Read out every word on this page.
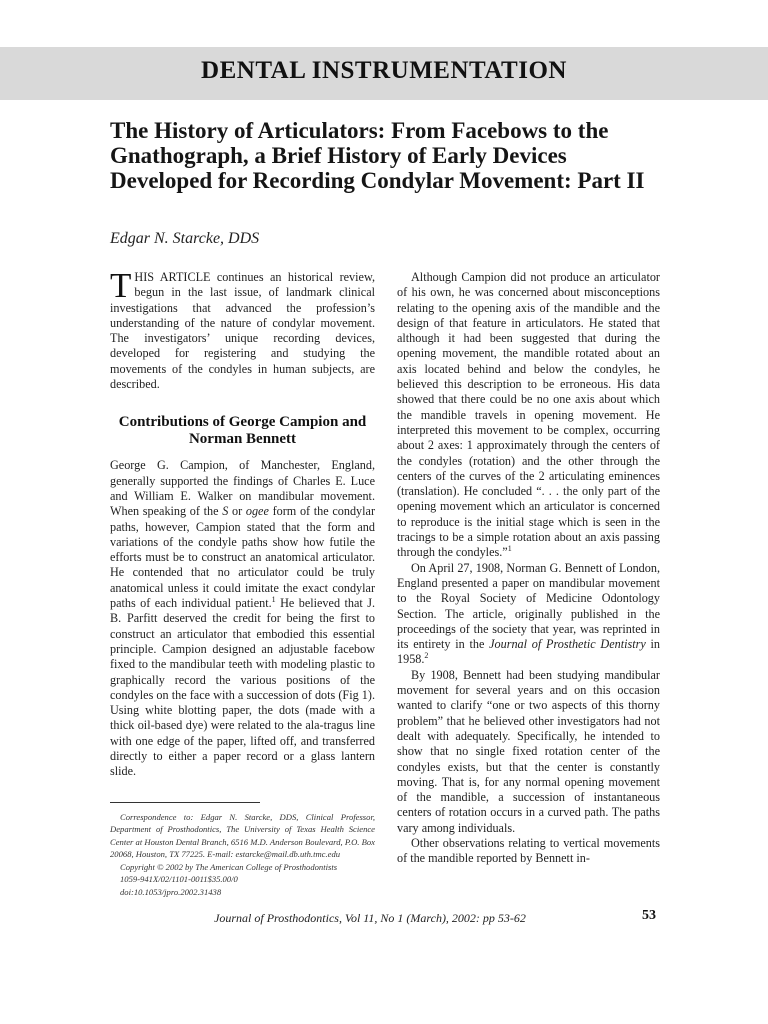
DENTAL INSTRUMENTATION
The History of Articulators: From Facebows to the Gnathograph, a Brief History of Early Devices Developed for Recording Condylar Movement: Part II

Edgar N. Starcke, DDS

THIS ARTICLE continues an historical review, begun in the last issue, of landmark clinical investigations that advanced the profession’s understanding of the nature of condylar movement. The investigators’ unique recording devices, developed for registering and studying the movements of the condyles in human subjects, are described.

Contributions of George Campion and Norman Bennett

George G. Campion, of Manchester, England, generally supported the findings of Charles E. Luce and William E. Walker on mandibular movement. When speaking of the S or ogee form of the condylar paths, however, Campion stated that the form and variations of the condyle paths show how futile the efforts must be to construct an anatomical articulator. He contended that no articulator could be truly anatomical unless it could imitate the exact condylar paths of each individual patient.$^1$ He believed that J. B. Parfitt deserved the credit for being the first to construct an articulator that embodied this essential principle. Campion designed an adjustable facebow fixed to the mandibular teeth with modeling plastic to graphically record the various positions of the condyles on the face with a succession of dots (Fig 1). Using white blotting paper, the dots (made with a thick oil-based dye) were related to the ala-tragus line with one edge of the paper, lifted off, and transferred directly to either a paper record or a glass lantern slide.

Correspondence to: Edgar N. Starcke, DDS, Clinical Professor, Department of Prosthodontics, The University of Texas Health Science Center at Houston Dental Branch, 6516 M.D. Anderson Boulevard, P.O. Box 20068, Houston, TX 77225. E-mail: estarcke@mail.db.uth.tmc.edu

Copyright © 2002 by The American College of Prosthodontists

1059-941X/02/1101-0011$35.00/0

doi:10.1053/jpro.2002.31438

Although Campion did not produce an articulator of his own, he was concerned about misconceptions relating to the opening axis of the mandible and the design of that feature in articulators. He stated that although it had been suggested that during the opening movement, the mandible rotated about an axis located behind and below the condyles, he believed this description to be erroneous. His data showed that there could be no one axis about which the mandible travels in opening movement. He interpreted this movement to be complex, occurring about 2 axes: 1 approximately through the centers of the condyles (rotation) and the other through the centers of the curves of the 2 articulating eminences (translation). He concluded “. . . the only part of the opening movement which an articulator is concerned to reproduce is the initial stage which is seen in the tracings to be a simple rotation about an axis passing through the condyles.”$^1$

On April 27, 1908, Norman G. Bennett of London, England presented a paper on mandibular movement to the Royal Society of Medicine Odontology Section. The article, originally published in the proceedings of the society that year, was reprinted in its entirety in the Journal of Prosthetic Dentistry in 1958.$^2$

By 1908, Bennett had been studying mandibular movement for several years and on this occasion wanted to clarify “one or two aspects of this thorny problem” that he believed other investigators had not dealt with adequately. Specifically, he intended to show that no single fixed rotation center of the condyles exists, but that the center is constantly moving. That is, for any normal opening movement of the mandible, a succession of instantaneous centers of rotation occurs in a curved path. The paths vary among individuals.

Other observations relating to vertical movements of the mandible reported by Bennett in-

Journal of Prosthodontics, Vol 11, No 1 (March), 2002: pp 53-62	53
